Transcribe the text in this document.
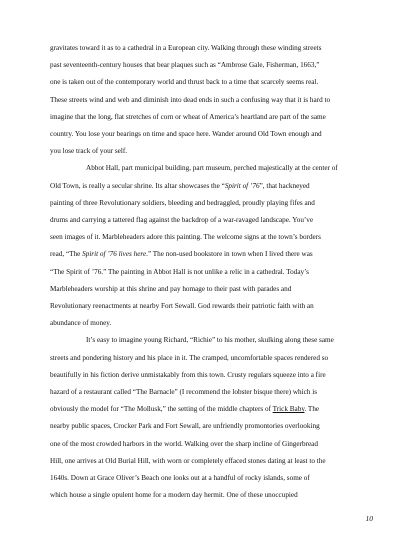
gravitates toward it as to a cathedral in a European city. Walking through these winding streets
past seventeenth-century houses that bear plaques such as “Ambrose Gale, Fisherman, 1663,”
one is taken out of the contemporary world and thrust back to a time that scarcely seems real.
These streets wind and web and diminish into dead ends in such a confusing way that it is hard to
imagine that the long, flat stretches of corn or wheat of America’s heartland are part of the same
country. You lose your bearings on time and space here. Wander around Old Town enough and
you lose track of your self.
Abbot Hall, part municipal building, part museum, perched majestically at the center of
Old Town, is really a secular shrine. Its altar showcases the “Spirit of ’76”, that hackneyed
painting of three Revolutionary soldiers, bleeding and bedraggled, proudly playing fifes and
drums and carrying a tattered flag against the backdrop of a war-ravaged landscape. You’ve
seen images of it. Marbleheaders adore this painting. The welcome signs at the town’s borders
read, “The Spirit of ’76 lives here.” The non-used bookstore in town when I lived there was
“The Spirit of ’76.” The painting in Abbot Hall is not unlike a relic in a cathedral. Today’s
Marbleheaders worship at this shrine and pay homage to their past with parades and
Revolutionary reenactments at nearby Fort Sewall. God rewards their patriotic faith with an
abundance of money.
It’s easy to imagine young Richard, “Richie” to his mother, skulking along these same
streets and pondering history and his place in it. The cramped, uncomfortable spaces rendered so
beautifully in his fiction derive unmistakably from this town. Crusty regulars squeeze into a fire
hazard of a restaurant called “The Barnacle” (I recommend the lobster bisque there) which is
obviously the model for “The Mollusk,” the setting of the middle chapters of Trick Baby. The
nearby public spaces, Crocker Park and Fort Sewall, are unfriendly promontories overlooking
one of the most crowded harbors in the world. Walking over the sharp incline of Gingerbread
Hill, one arrives at Old Burial Hill, with worn or completely effaced stones dating at least to the
1640s. Down at Grace Oliver’s Beach one looks out at a handful of rocky islands, some of
which house a single opulent home for a modern day hermit. One of these unoccupied
10
